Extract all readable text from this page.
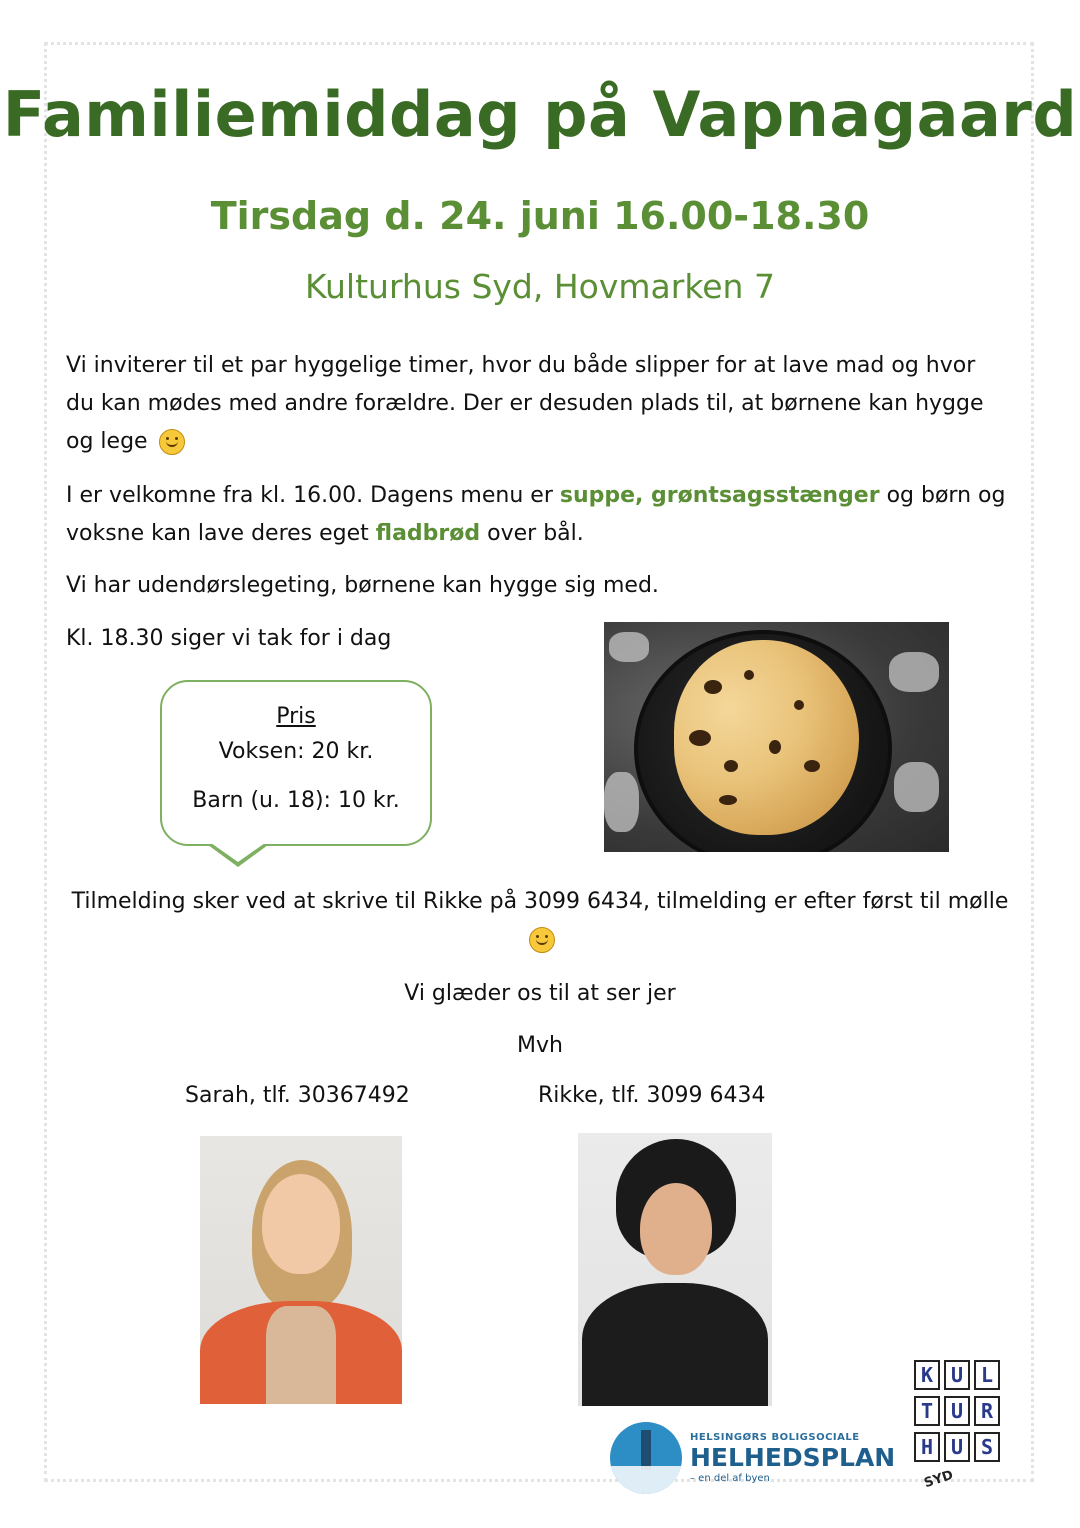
Familiemiddag på Vapnagaard
Tirsdag d. 24. juni 16.00-18.30
Kulturhus Syd, Hovmarken 7
Vi inviterer til et par hyggelige timer, hvor du både slipper for at lave mad og hvor du kan mødes med andre forældre. Der er desuden plads til, at børnene kan hygge og lege
I er velkomne fra kl. 16.00. Dagens menu er suppe, grøntsagsstænger og børn og voksne kan lave deres eget fladbrød over bål.
Vi har udendørslegeting, børnene kan hygge sig med.
Kl. 18.30 siger vi tak for i dag
Pris
Voksen: 20 kr.
Barn (u. 18): 10 kr.
Tilmelding sker ved at skrive til Rikke på 3099 6434, tilmelding er efter først til mølle
Vi glæder os til at ser jer
Mvh
Sarah, tlf. 30367492	Rikke, tlf. 3099 6434
HELSINGØRS BOLIGSOCIALE
HELHEDSPLAN
– en del af byen
K U L
T U R
H U S
SYD
